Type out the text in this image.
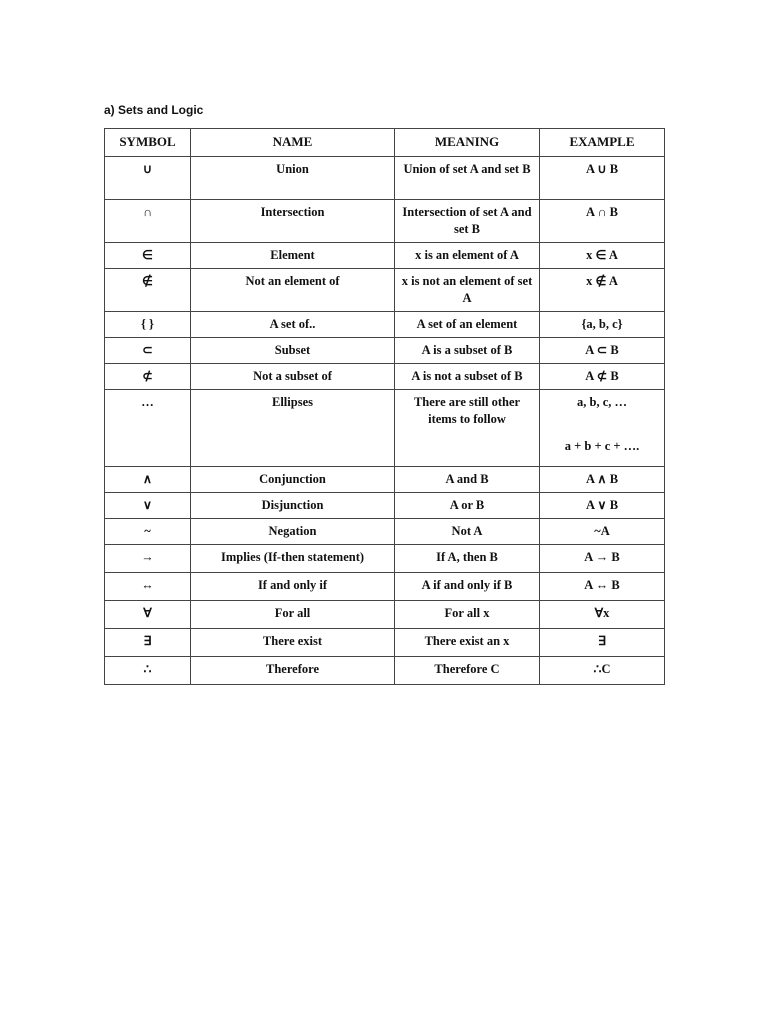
a) Sets and Logic
SYMBOL	NAME	MEANING	EXAMPLE
∪	Union	Union of set A and set B	A ∪ B
∩	Intersection	Intersection of set A and set B	A ∩ B
∈	Element	x is an element of A	x ∈ A
∉	Not an element of	x is not an element of set A	x ∉ A
{ }	A set of..	A set of an element	{a, b, c}
⊂	Subset	A is a subset of B	A ⊂ B
⊄	Not a subset of	A is not a subset of B	A ⊄ B
…	Ellipses	There are still other items to follow	a, b, c, …
a + b + c + ….

∧	Conjunction	A and B	A ∧ B
∨	Disjunction	A or B	A ∨ B
~	Negation	Not A	~A
→	Implies (If-then statement)	If A, then B	A → B
↔	If and only if	A if and only if B	A ↔ B
∀	For all	For all x	∀x
∃	There exist	There exist an x	∃
∴	Therefore	Therefore C	∴C
